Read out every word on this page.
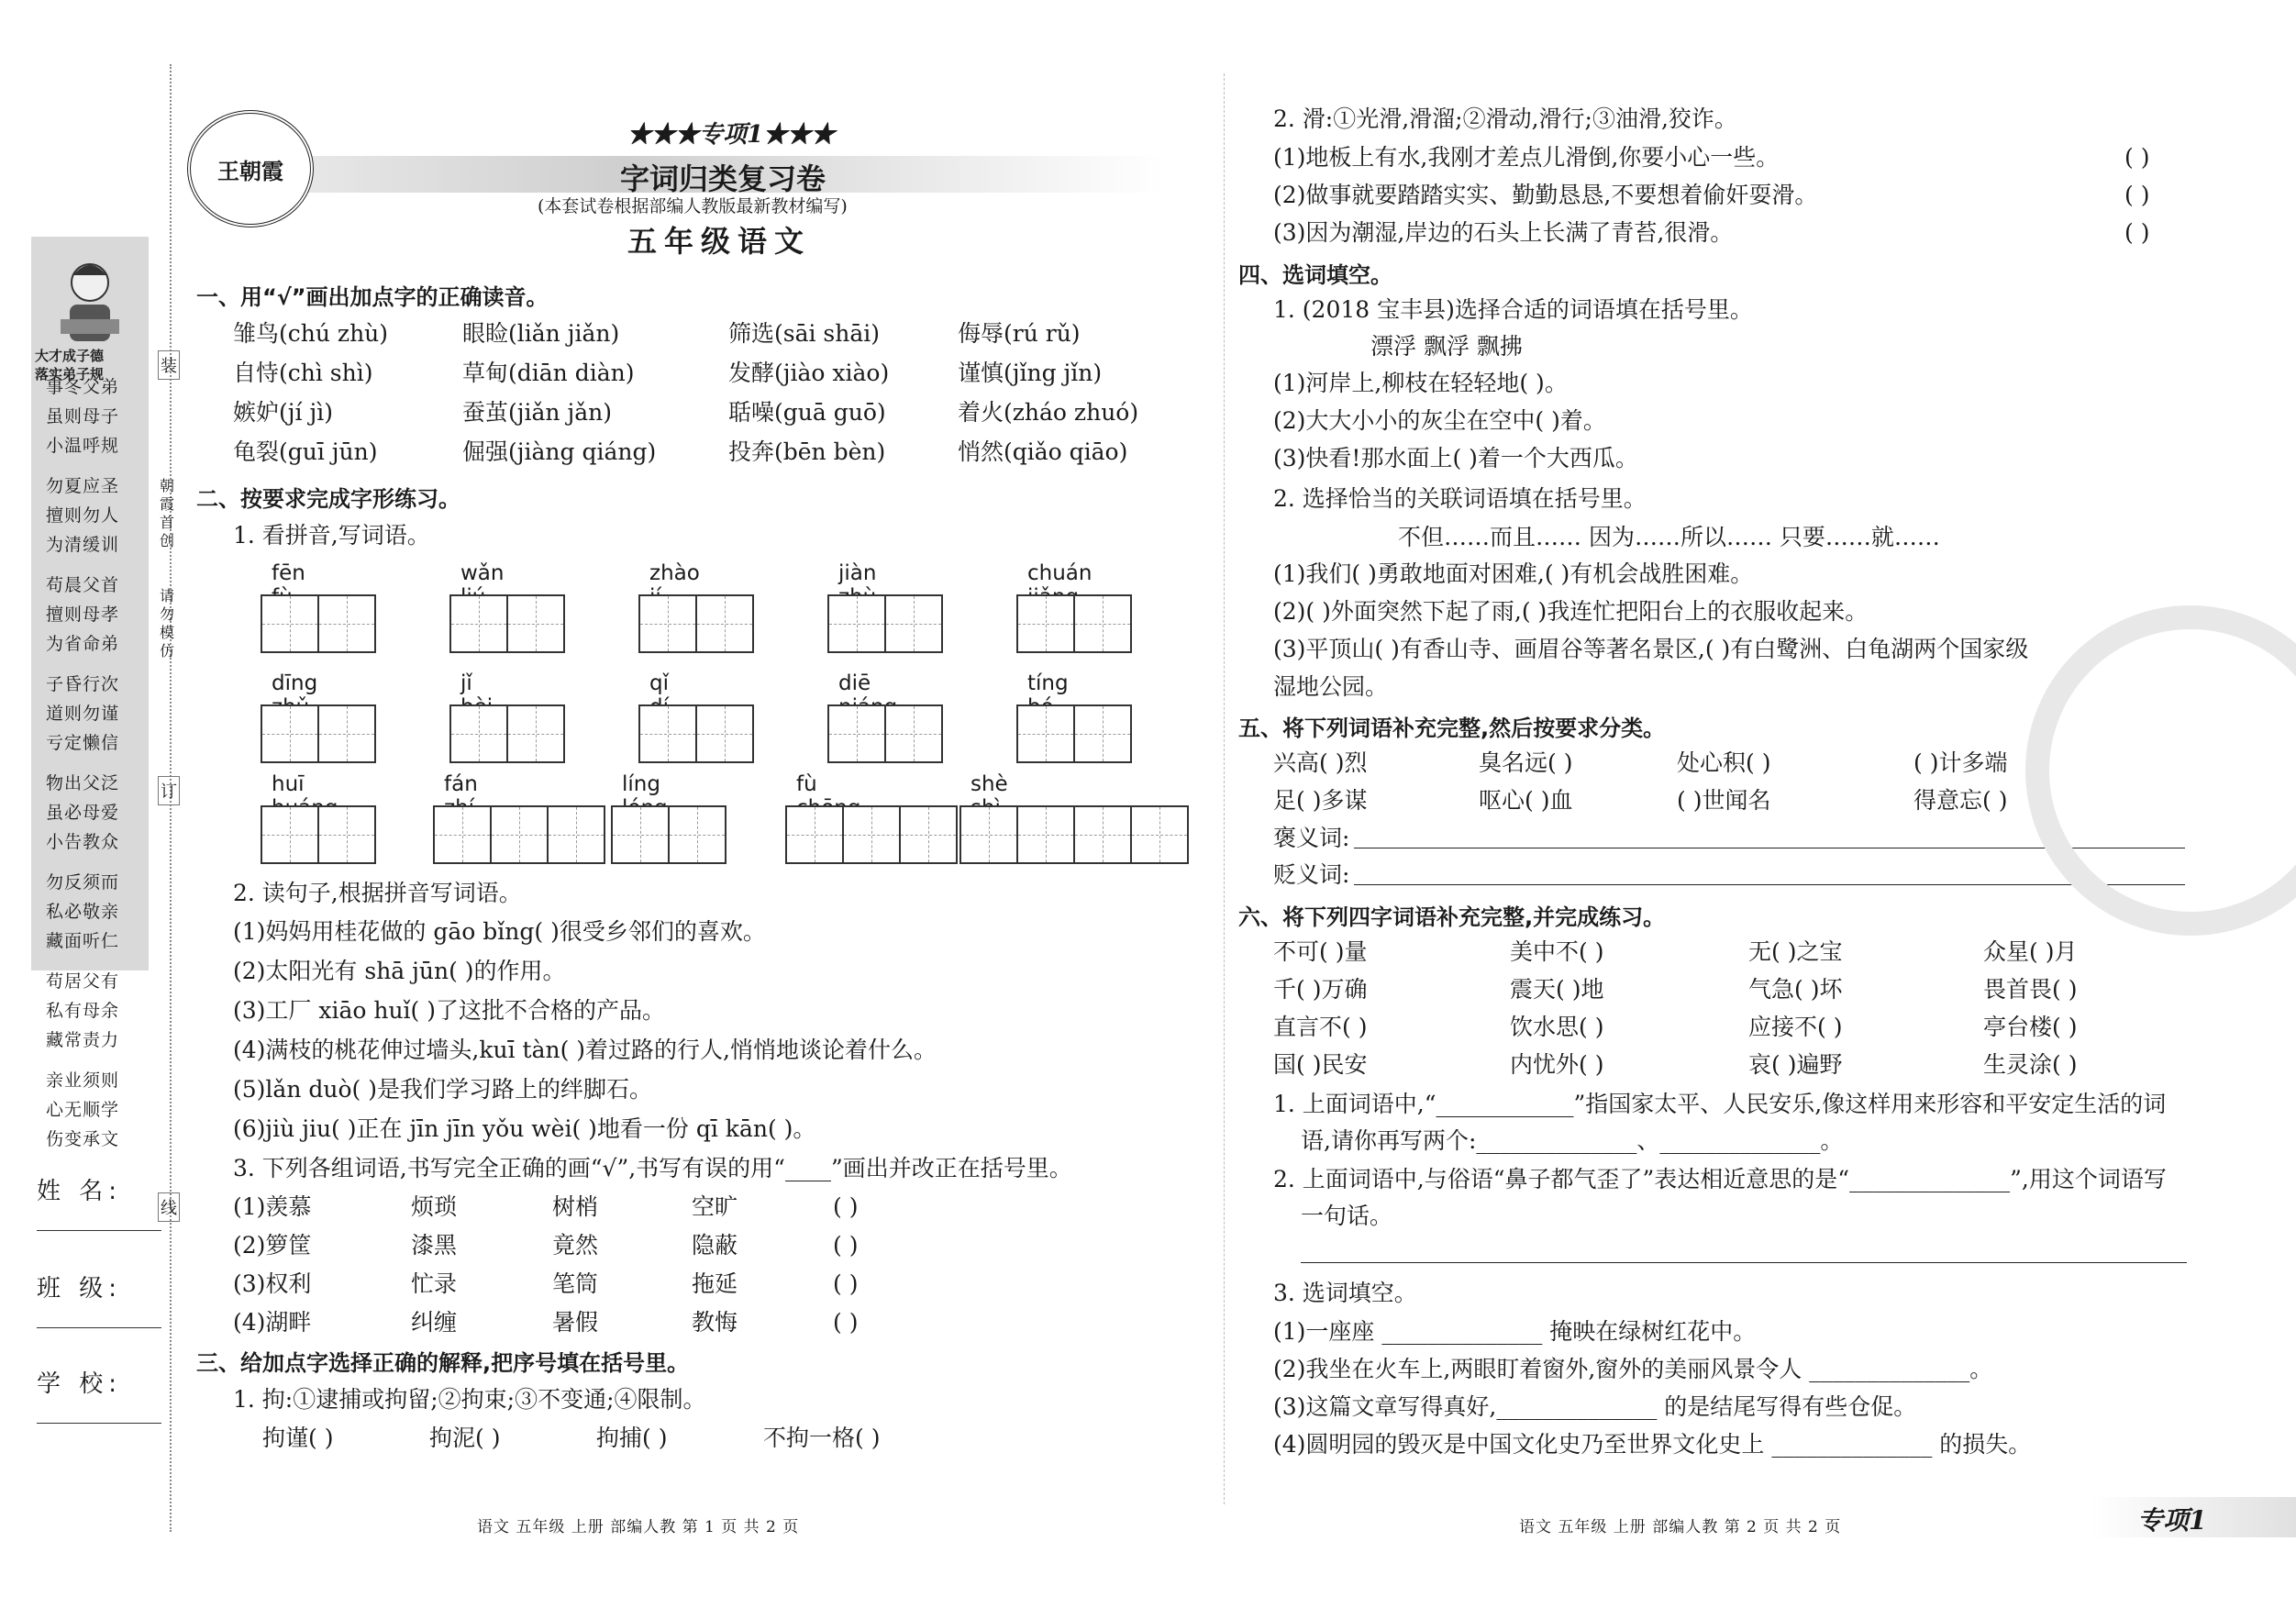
大才成子德
落实弟子规
事冬父弟
虽则母子
小温呼规
勿夏应圣
擅则勿人
为清缓训
苟晨父首
擅则母孝
为省命弟
子昏行次
道则勿谨
亏定懒信
物出父泛
虽必母爱
小告教众
勿反须而
私必敬亲
藏面听仁
苟居父有
私有母余
藏常责力
亲业须则
心无顺学
伤变承文
装
朝霞首创
请勿模仿
订
线
姓 名:
班 级:
学 校:
王朝霞
★★★专项1★★★
字词归类复习卷
(本套试卷根据部编人教版最新教材编写)
五年级语文
一、用“√”画出加点字的正确读音。
雏鸟(chú zhù)	眼睑(liǎn jiǎn)	筛选(sāi shāi)	侮辱(rú rǔ)
自恃(chì shì)	草甸(diān diàn)	发酵(jiào xiào)	谨慎(jǐng jǐn)
嫉妒(jí jì)	蚕茧(jiǎn jǎn)	聒噪(guā guō)	着火(zháo zhuó)
龟裂(guī jūn)	倔强(jiàng qiáng)	投奔(bēn bèn)	悄然(qiǎo qiāo)
二、按要求完成字形练习。
1. 看拼音,写词语。
fēn	wǎn	zhào	jiàn	chuán
dīng	jǐ	qǐ	diē	tíng
huī	fán	líng	fù	shè
2. 读句子,根据拼音写词语。
(1)妈妈用桂花做的 gāo bǐng( )很受乡邻们的喜欢。
(2)太阳光有 shā jūn( )的作用。
(3)工厂 xiāo huǐ( )了这批不合格的产品。
(4)满枝的桃花伸过墙头,kuī tàn( )着过路的行人,悄悄地谈论着什么。
(5)lǎn duò( )是我们学习路上的绊脚石。
(6)jiù jiu( )正在 jīn jīn yǒu wèi( )地看一份 qī kān( )。
3. 下列各组词语,书写完全正确的画“√”,书写有误的用“____”画出并改正在括号里。
(1)羡慕	烦琐	树梢	空旷	( )
(2)箩筐	漆黑	竟然	隐蔽	( )
(3)权利	忙录	笔筒	拖延	( )
(4)湖畔	纠缠	暑假	教悔	( )
三、给加点字选择正确的解释,把序号填在括号里。
1. 拘:①逮捕或拘留;②拘束;③不变通;④限制。
拘谨( )	拘泥( )	拘捕( )	不拘一格( )
2. 滑:①光滑,滑溜;②滑动,滑行;③油滑,狡诈。
(1)地板上有水,我刚才差点儿滑倒,你要小心一些。	( )
(2)做事就要踏踏实实、勤勤恳恳,不要想着偷奸耍滑。	( )
(3)因为潮湿,岸边的石头上长满了青苔,很滑。	( )
四、选词填空。
1. (2018 宝丰县)选择合适的词语填在括号里。
漂浮 飘浮 飘拂
(1)河岸上,柳枝在轻轻地( )。
(2)大大小小的灰尘在空中( )着。
(3)快看!那水面上( )着一个大西瓜。
2. 选择恰当的关联词语填在括号里。
不但……而且…… 因为……所以…… 只要……就……
(1)我们( )勇敢地面对困难,( )有机会战胜困难。
(2)( )外面突然下起了雨,( )我连忙把阳台上的衣服收起来。
(3)平顶山( )有香山寺、画眉谷等著名景区,( )有白鹭洲、白龟湖两个国家级
湿地公园。
五、将下列词语补充完整,然后按要求分类。
兴高( )烈	臭名远( )	处心积( )	( )计多端
足( )多谋	呕心( )血	( )世闻名	得意忘( )
褒义词:
贬义词:
六、将下列四字词语补充完整,并完成练习。
不可( )量	美中不( )	无( )之宝	众星( )月
千( )万确	震天( )地	气急( )坏	畏首畏( )
直言不( )	饮水思( )	应接不( )	亭台楼( )
国( )民安	内忧外( )	哀( )遍野	生灵涂( )
1. 上面词语中,“____________”指国家太平、人民安乐,像这样用来形容和平安定生活的词
语,请你再写两个:______________、______________。
2. 上面词语中,与俗语“鼻子都气歪了”表达相近意思的是“______________”,用这个词语写
一句话。
3. 选词填空。
(1)一座座 ______________ 掩映在绿树红花中。
(2)我坐在火车上,两眼盯着窗外,窗外的美丽风景令人 ______________。
(3)这篇文章写得真好,______________ 的是结尾写得有些仓促。
(4)圆明园的毁灭是中国文化史乃至世界文化史上 ______________ 的损失。
语文 五年级 上册 部编人教 第 1 页 共 2 页	语文 五年级 上册 部编人教 第 2 页 共 2 页	专项1
